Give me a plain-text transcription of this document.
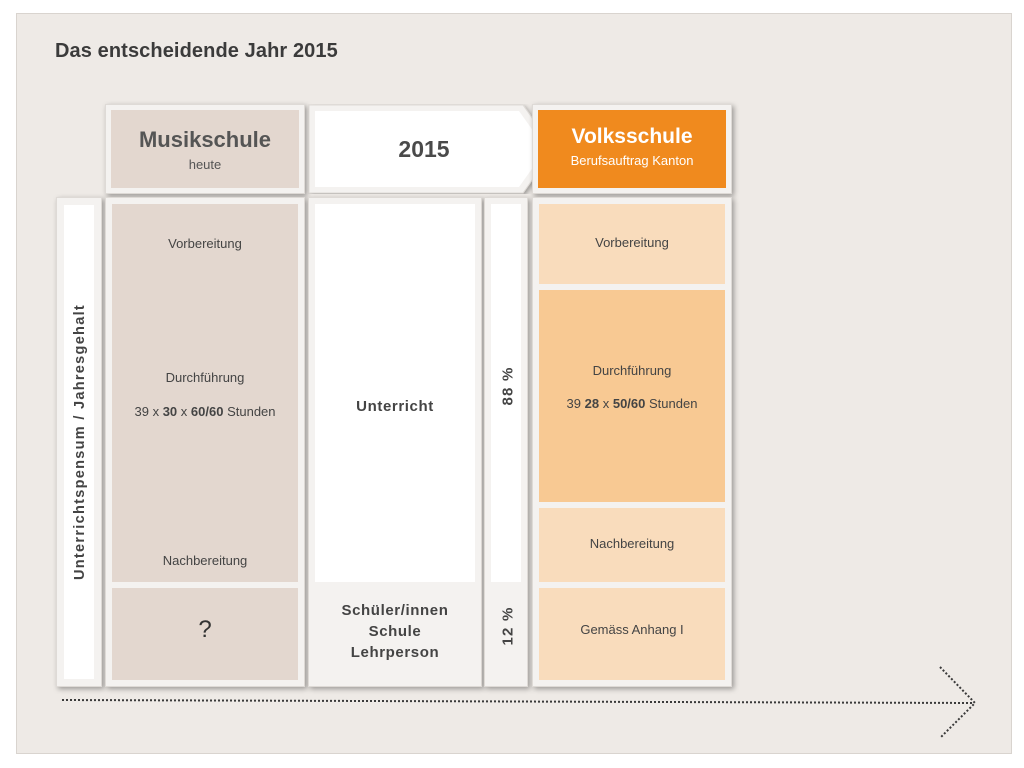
Das entscheidende Jahr 2015
Musikschule
heute
2015	Volksschule
Berufsauftrag Kanton
Unterrichtspensum / Jahresgehalt
Vorbereitung
Durchführung
39 x 30 x 60/60 Stunden
Nachbereitung
?
Unterricht
Schüler/innen
Schule
Lehrperson
88 %
12 %
Vorbereitung
Durchführung
39 28 x 50/60 Stunden
Nachbereitung
Gemäss Anhang I
